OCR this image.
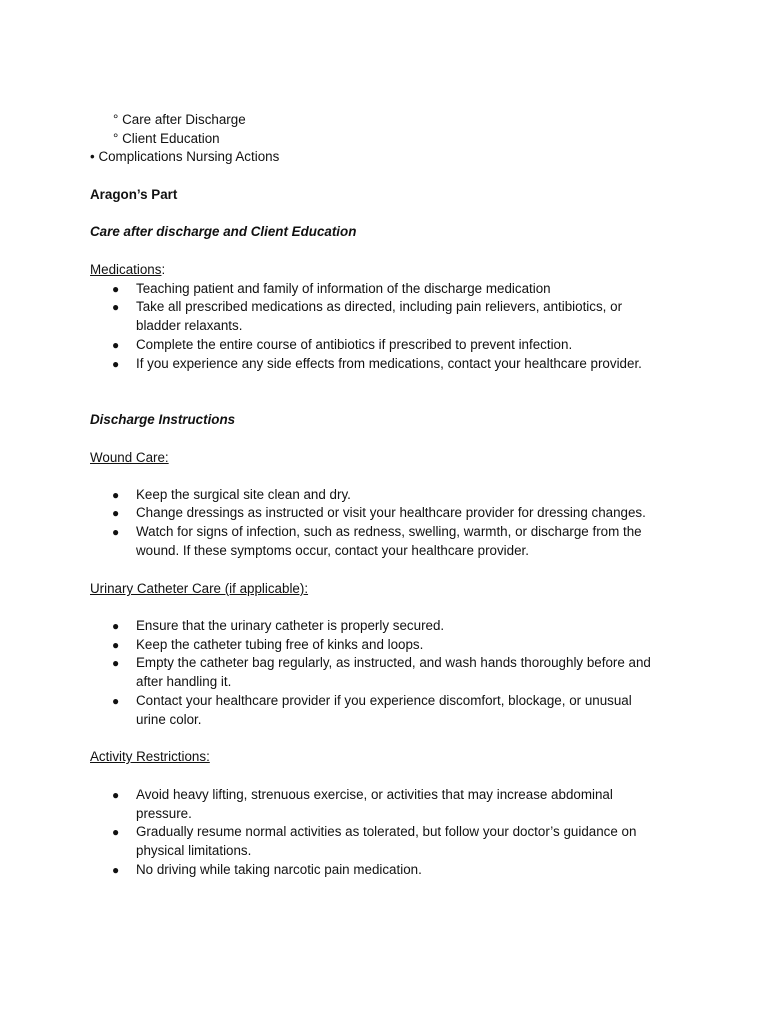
° Care after Discharge
° Client Education
• Complications Nursing Actions
Aragon’s Part
Care after discharge and Client Education
Medications:
● Teaching patient and family of information of the discharge medication
● Take all prescribed medications as directed, including pain relievers, antibiotics, or bladder relaxants.
● Complete the entire course of antibiotics if prescribed to prevent infection.
● If you experience any side effects from medications, contact your healthcare provider.
Discharge Instructions
Wound Care:
● Keep the surgical site clean and dry.
● Change dressings as instructed or visit your healthcare provider for dressing changes.
● Watch for signs of infection, such as redness, swelling, warmth, or discharge from the wound. If these symptoms occur, contact your healthcare provider.
Urinary Catheter Care (if applicable):
● Ensure that the urinary catheter is properly secured.
● Keep the catheter tubing free of kinks and loops.
● Empty the catheter bag regularly, as instructed, and wash hands thoroughly before and after handling it.
● Contact your healthcare provider if you experience discomfort, blockage, or unusual urine color.
Activity Restrictions:
● Avoid heavy lifting, strenuous exercise, or activities that may increase abdominal pressure.
● Gradually resume normal activities as tolerated, but follow your doctor’s guidance on physical limitations.
● No driving while taking narcotic pain medication.
